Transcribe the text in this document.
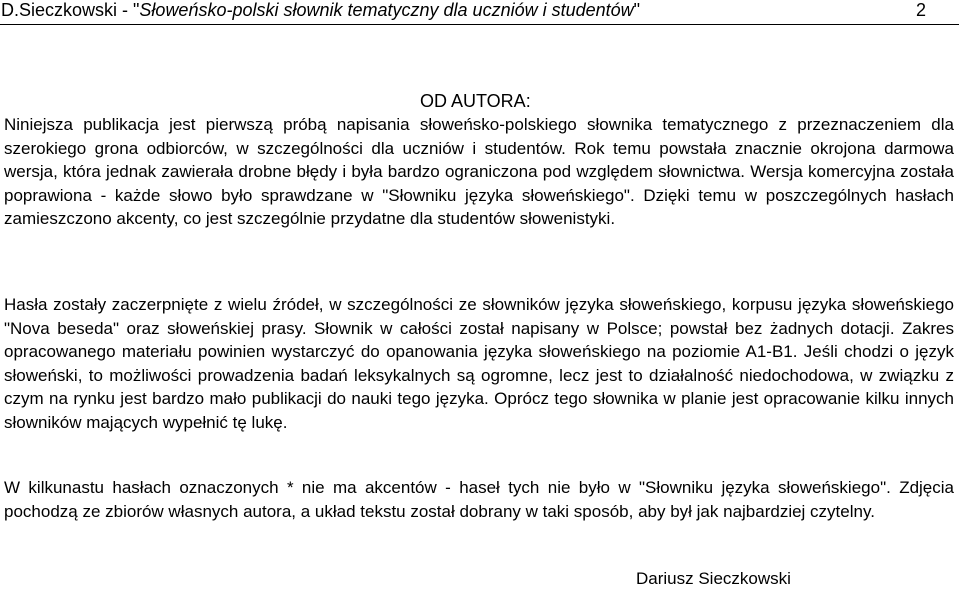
D.Sieczkowski - "Słoweńsko-polski słownik tematyczny dla uczniów i studentów"	2
OD AUTORA:

Niniejsza publikacja jest pierwszą próbą napisania słoweńsko-polskiego słownika tematycznego z przeznaczeniem dla szerokiego grona odbiorców, w szczególności dla uczniów i studentów. Rok temu powstała znacznie okrojona darmowa wersja, która jednak zawierała drobne błędy i była bardzo ograniczona pod względem słownictwa. Wersja komercyjna została poprawiona - każde słowo było sprawdzane w "Słowniku języka słoweńskiego". Dzięki temu w poszczególnych hasłach zamieszczono akcenty, co jest szczególnie przydatne dla studentów słowenistyki.

Hasła zostały zaczerpnięte z wielu źródeł, w szczególności ze słowników języka słoweńskiego, korpusu języka słoweńskiego "Nova beseda" oraz słoweńskiej prasy. Słownik w całości został napisany w Polsce; powstał bez żadnych dotacji. Zakres opracowanego materiału powinien wystarczyć do opanowania języka słoweńskiego na poziomie A1-B1. Jeśli chodzi o język słoweński, to możliwości prowadzenia badań leksykalnych są ogromne, lecz jest to działalność niedochodowa, w związku z czym na rynku jest bardzo mało publikacji do nauki tego języka. Oprócz tego słownika w planie jest opracowanie kilku innych słowników mających wypełnić tę lukę.

W kilkunastu hasłach oznaczonych * nie ma akcentów - haseł tych nie było w "Słowniku języka słoweńskiego". Zdjęcia pochodzą ze zbiorów własnych autora, a układ tekstu został dobrany w taki sposób, aby był jak najbardziej czytelny.

Dariusz Sieczkowski
